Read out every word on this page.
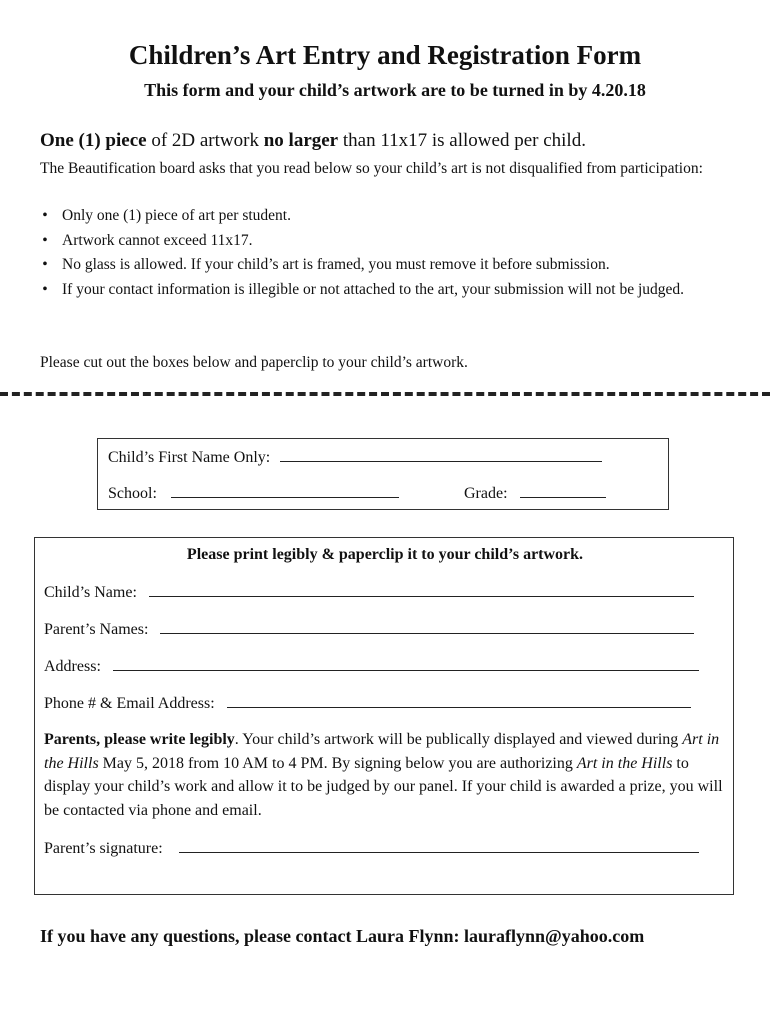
Children’s Art Entry and Registration Form
This form and your child’s artwork are to be turned in by 4.20.18
One (1) piece of 2D artwork no larger than 11x17 is allowed per child.
The Beautification board asks that you read below so your child’s art is not disqualified from participation:
• Only one (1) piece of art per student.
• Artwork cannot exceed 11x17.
• No glass is allowed. If your child’s art is framed, you must remove it before submission.
• If your contact information is illegible or not attached to the art, your submission will not be judged.
Please cut out the boxes below and paperclip to your child’s artwork.
Child’s First Name Only:
School:	Grade:
Please print legibly & paperclip it to your child’s artwork.
Child’s Name:
Parent’s Names:
Address:
Phone # & Email Address:
Parents, please write legibly. Your child’s artwork will be publically displayed and viewed during Art in the Hills May 5, 2018 from 10 AM to 4 PM. By signing below you are authorizing Art in the Hills to display your child’s work and allow it to be judged by our panel. If your child is awarded a prize, you will be contacted via phone and email.
Parent’s signature:
If you have any questions, please contact Laura Flynn: lauraflynn@yahoo.com
